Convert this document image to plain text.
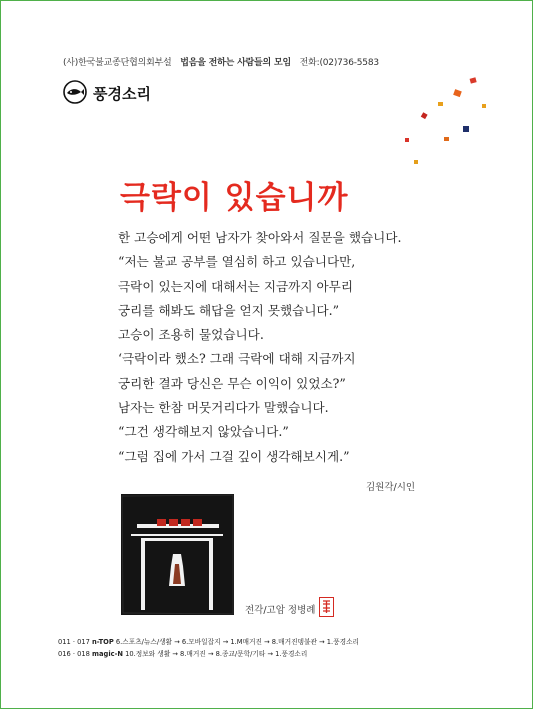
(사)한국불교종단협의회부설 법음을 전하는 사람들의 모임 전화:(02)736-5583
풍경소리
극락이 있습니까
한 고승에게 어떤 남자가 찾아와서 질문을 했습니다.
“저는 불교 공부를 열심히 하고 있습니다만,
극락이 있는지에 대해서는 지금까지 아무리
궁리를 해봐도 해답을 얻지 못했습니다.”
고승이 조용히 물었습니다.
‘극락이라 했소? 그래 극락에 대해 지금까지
궁리한 결과 당신은 무슨 이익이 있었소?”
남자는 한참 머뭇거리다가 말했습니다.
“그건 생각해보지 않았습니다.”
“그럼 집에 가서 그걸 깊이 생각해보시게.”
김원각/시인
전각/고암 정병례
011 · 017 n-TOP 6.스포츠/뉴스/생활 → 6.모바일잡지 → 1.M매거진 → 8.매거진뎅불관 → 1.풍경소리
016 · 018 magic-N 10.정보와 생활 → 8.매거진 → 8.종교/문학/기타 → 1.풍경소리
